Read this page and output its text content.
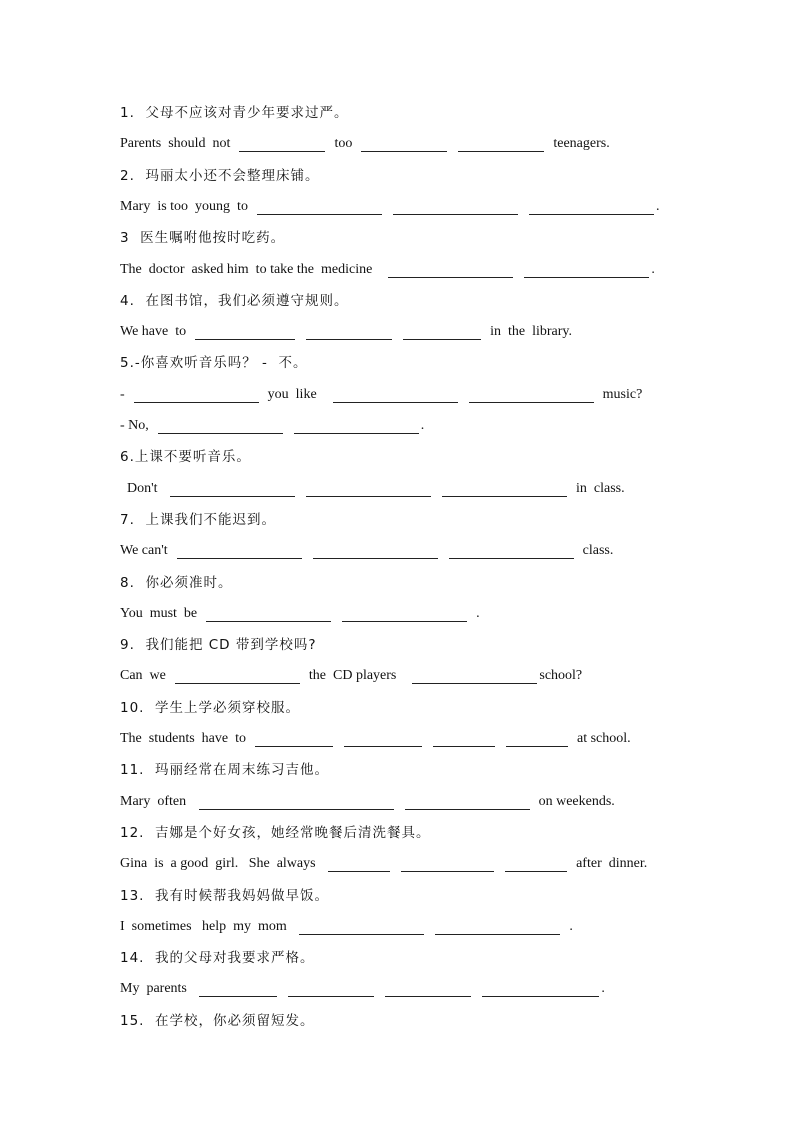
1.  父母不应该对青少年要求过严。
Parents  should  not	too
	teenagers.
2.  玛丽太小还不会整理床铺。
Mary  is too  young  to

	.
3  医生嘱咐他按时吃药。
The  doctor  asked him  to take the  medicine
	.
4.  在图书馆，我们必须遵守规则。
We have  to

	in  the  library.
5.-你喜欢听音乐吗？ -  不。
-	you  like
	music?
- No,
	.
6.上课不要听音乐。
Don't

	in  class.
7.  上课我们不能迟到。
We can't

	class.
8.  你必须准时。
You  must  be
	.
9.  我们能把 CD 带到学校吗?
Can  we	the  CD players	school?
10.  学生上学必须穿校服。
The  students  have  to

	at school.
11.  玛丽经常在周末练习吉他。
Mary  often
	on weekends.
12.  吉娜是个好女孩，她经常晚餐后清洗餐具。
Gina  is  a good  girl.   She  always

	after  dinner.
13.  我有时候帮我妈妈做早饭。
I  sometimes   help  my  mom
	.
14.  我的父母对我要求严格。
My  parents

	.
15.  在学校，你必须留短发。
